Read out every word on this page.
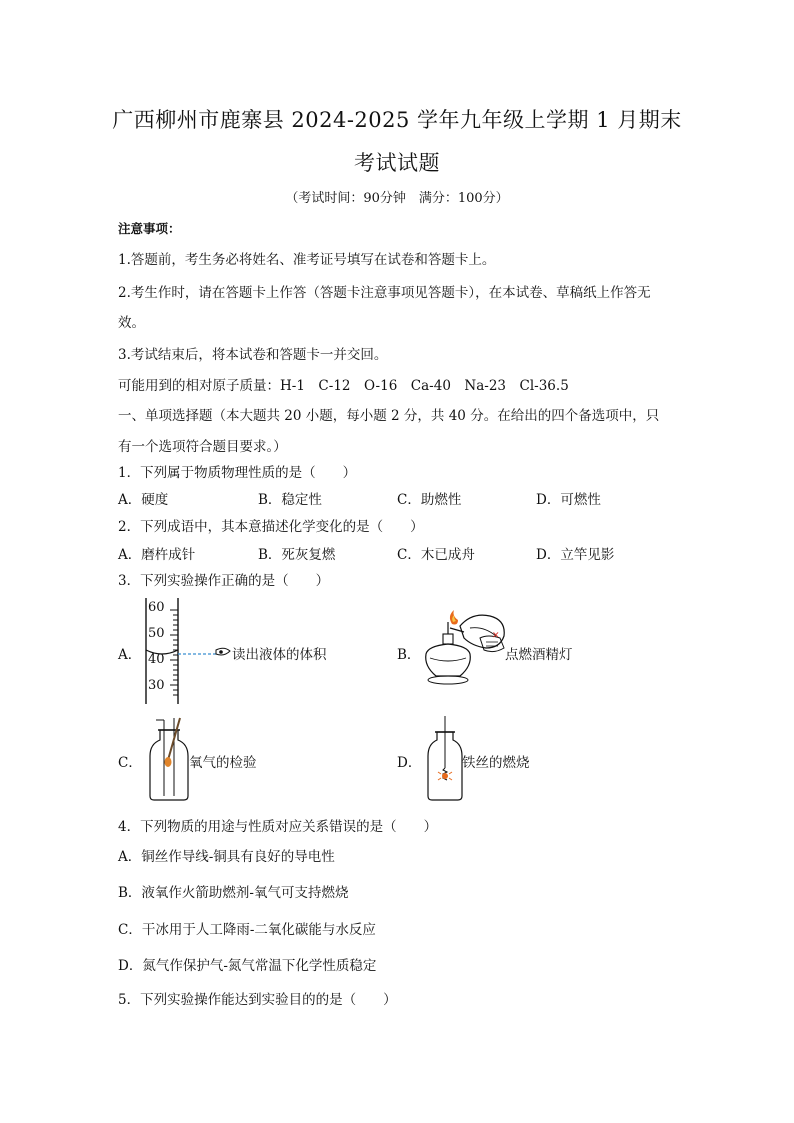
广西柳州市鹿寨县 2024-2025 学年九年级上学期 1 月期末
考试试题
（考试时间：90分钟　满分：100分）
注意事项：
1.答题前，考生务必将姓名、准考证号填写在试卷和答题卡上。
2.考生作时，请在答题卡上作答（答题卡注意事项见答题卡），在本试卷、草稿纸上作答无
效。
3.考试结束后，将本试卷和答题卡一并交回。
可能用到的相对原子质量：H-1　C-12　O-16　Ca-40　Na-23　Cl-36.5
一、单项选择题（本大题共 20 小题，每小题 2 分，共 40 分。在给出的四个备选项中，只
有一个选项符合题目要求。）
1．下列属于物质物理性质的是（　　）
A．硬度	B．稳定性	C．助燃性	D．可燃性
2．下列成语中，其本意描述化学变化的是（　　）
A．磨杵成针	B．死灰复燃	C．木已成舟	D．立竿见影
3．下列实验操作正确的是（　　）
A．
60
50
40
30
读出液体的体积	B．
✕
点燃酒精灯
C．	氧气的检验	D．	铁丝的燃烧
4．下列物质的用途与性质对应关系错误的是（　　）
A．铜丝作导线-铜具有良好的导电性
B．液氧作火箭助燃剂-氧气可支持燃烧
C．干冰用于人工降雨-二氧化碳能与水反应
D．氮气作保护气-氮气常温下化学性质稳定
5．下列实验操作能达到实验目的的是（　　）
